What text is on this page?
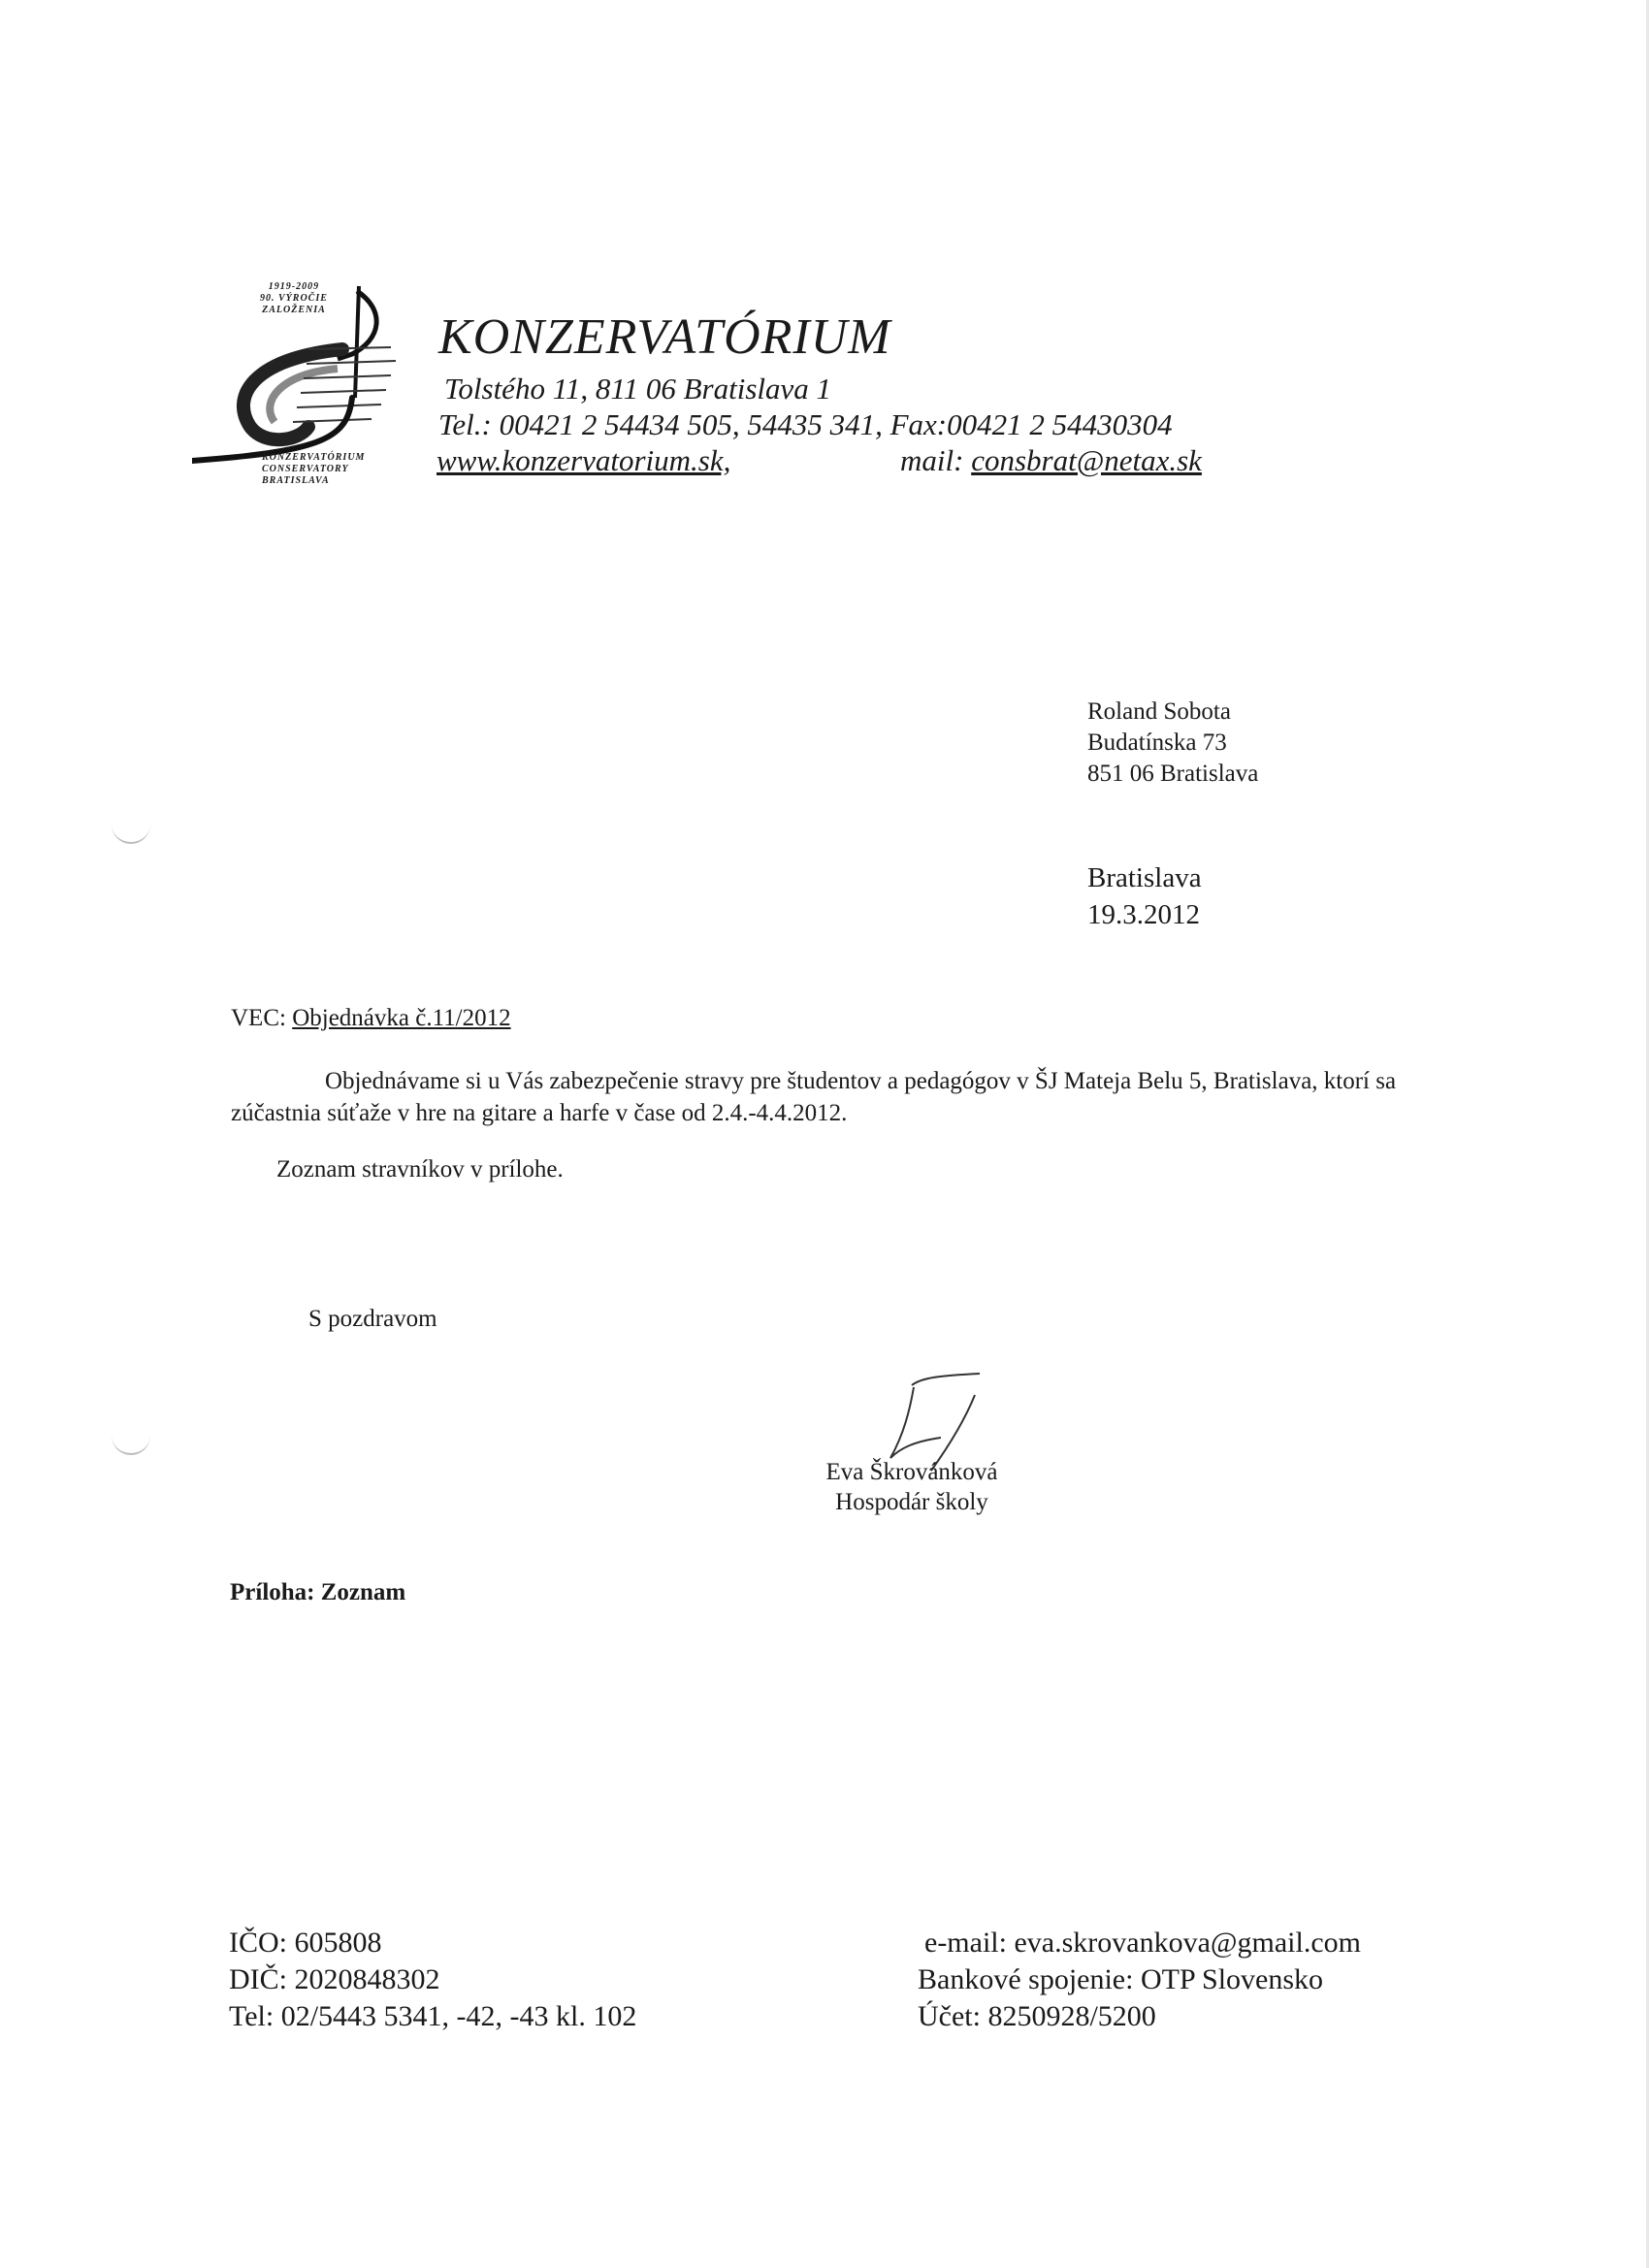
1919-2009
90. VÝROČIE
ZALOŽENIA
KONZERVATÓRIUM
CONSERVATORY
BRATISLAVA
KONZERVATÓRIUM
Tolstého 11, 811 06 Bratislava 1
Tel.: 00421 2 54434 505, 54435 341, Fax:00421 2 54430304
www.konzervatorium.sk,	mail: consbrat@netax.sk
Roland Sobota
Budatínska 73
851 06 Bratislava
Bratislava
19.3.2012
VEC: Objednávka č.11/2012
Objednávame si u Vás zabezpečenie stravy pre študentov a pedagógov v ŠJ Mateja Belu 5, Bratislava, ktorí sa zúčastnia súťaže v hre na gitare a harfe v čase od 2.4.-4.4.2012.
Zoznam stravníkov v prílohe.
S pozdravom
Eva Škrovánková
Hospodár školy
Príloha: Zoznam
IČO: 605808
DIČ: 2020848302
Tel: 02/5443 5341, -42, -43 kl. 102
e-mail: eva.skrovankova@gmail.com
Bankové spojenie: OTP Slovensko
Účet: 8250928/5200
